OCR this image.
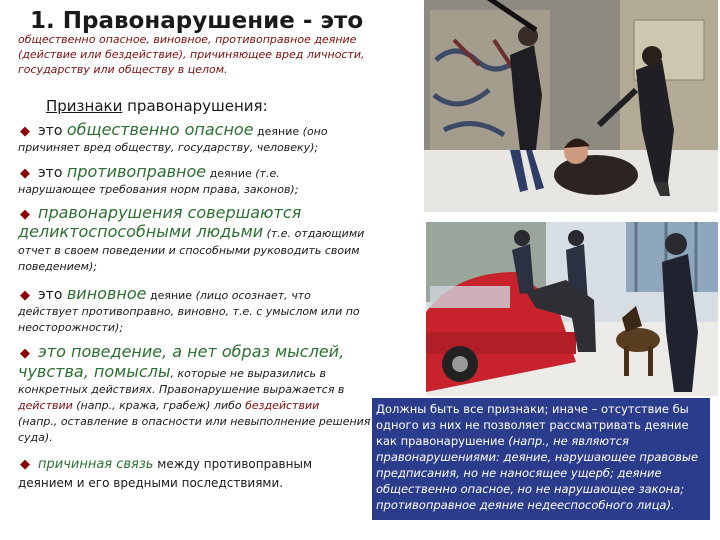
1. Правонарушение - это
общественно опасное, виновное, противоправное деяние (действие или бездействие), причиняющее вред личности, государству или обществу в целом.
Признаки правонарушения:
◆ это общественно опасное деяние (оно
причиняет вред обществу, государству, человеку);
◆ это противоправное деяние (т.е.
нарушающее требования норм права, законов);
◆ правонарушения совершаются
деликтоспособными людьми (т.е. отдающими
отчет в своем поведении и способными руководить своим поведением);
◆ это виновное деяние (лицо осознает, что
действует противоправно, виновно, т.е. с умыслом или по неосторожности);
◆ это поведение, а нет образ мыслей,
чувства, помыслы, которые не выразились в
конкретных действиях. Правонарушение выражается в
действии (напр., кража, грабеж) либо бездействии
(напр., оставление в опасности или невыполнение решения суда).
◆ причинная связь между противоправным
деянием и его вредными последствиями.
Должны быть все признаки; иначе – отсутствие бы одного из них не позволяет рассматривать деяние как правонарушение (напр., не являются правонарушениями: деяние, нарушающее правовые предписания, но не наносящее ущерб; деяние общественно опасное, но не нарушающее закона; противоправное деяние недееспособного лица).
